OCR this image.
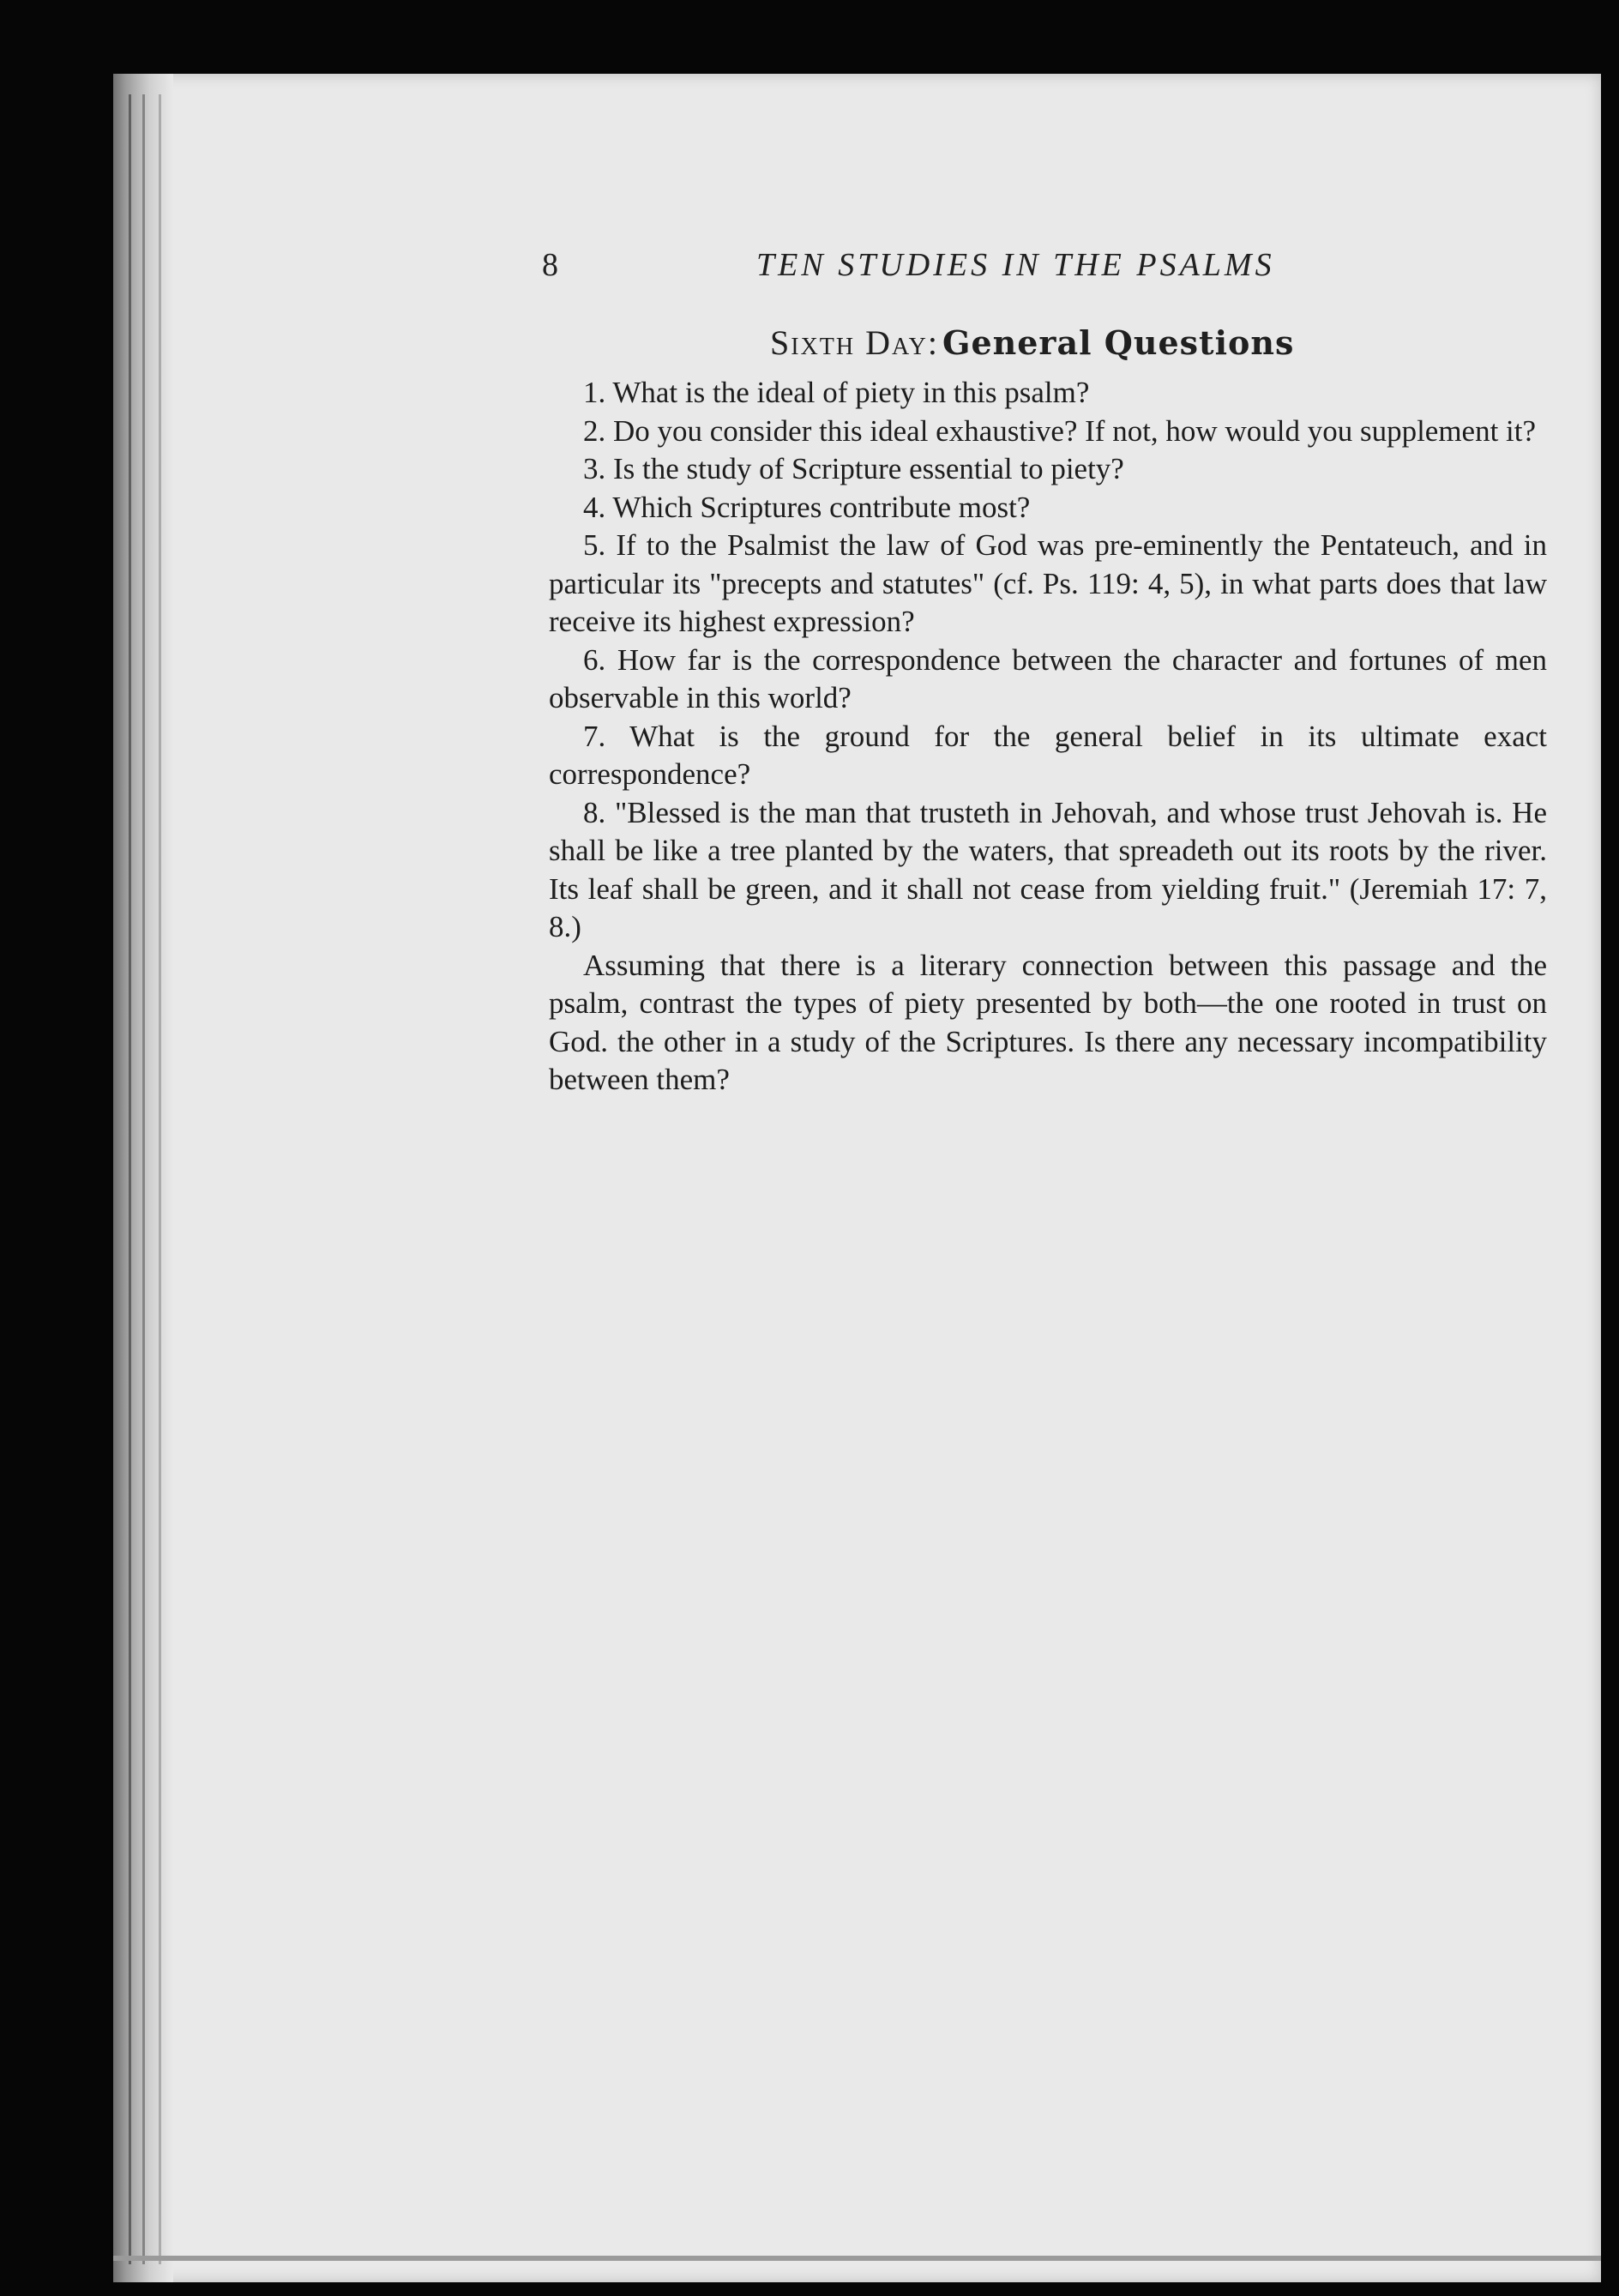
8	TEN STUDIES IN THE PSALMS
Sixth Day: General Questions

1. What is the ideal of piety in this psalm?

2. Do you consider this ideal exhaustive? If not, how would you supplement it?

3. Is the study of Scripture essential to piety?

4. Which Scriptures contribute most?

5. If to the Psalmist the law of God was pre-eminently the Pentateuch, and in particular its "precepts and statutes" (cf. Ps. 119: 4, 5), in what parts does that law receive its highest expression?

6. How far is the correspondence between the character and fortunes of men observable in this world?

7. What is the ground for the general belief in its ultimate exact correspondence?

8. "Blessed is the man that trusteth in Jehovah, and whose trust Jehovah is. He shall be like a tree planted by the waters, that spreadeth out its roots by the river. Its leaf shall be green, and it shall not cease from yielding fruit." (Jeremiah 17: 7, 8.)

Assuming that there is a literary connection between this passage and the psalm, contrast the types of piety presented by both—the one rooted in trust on God. the other in a study of the Scriptures. Is there any necessary incompatibility between them?
